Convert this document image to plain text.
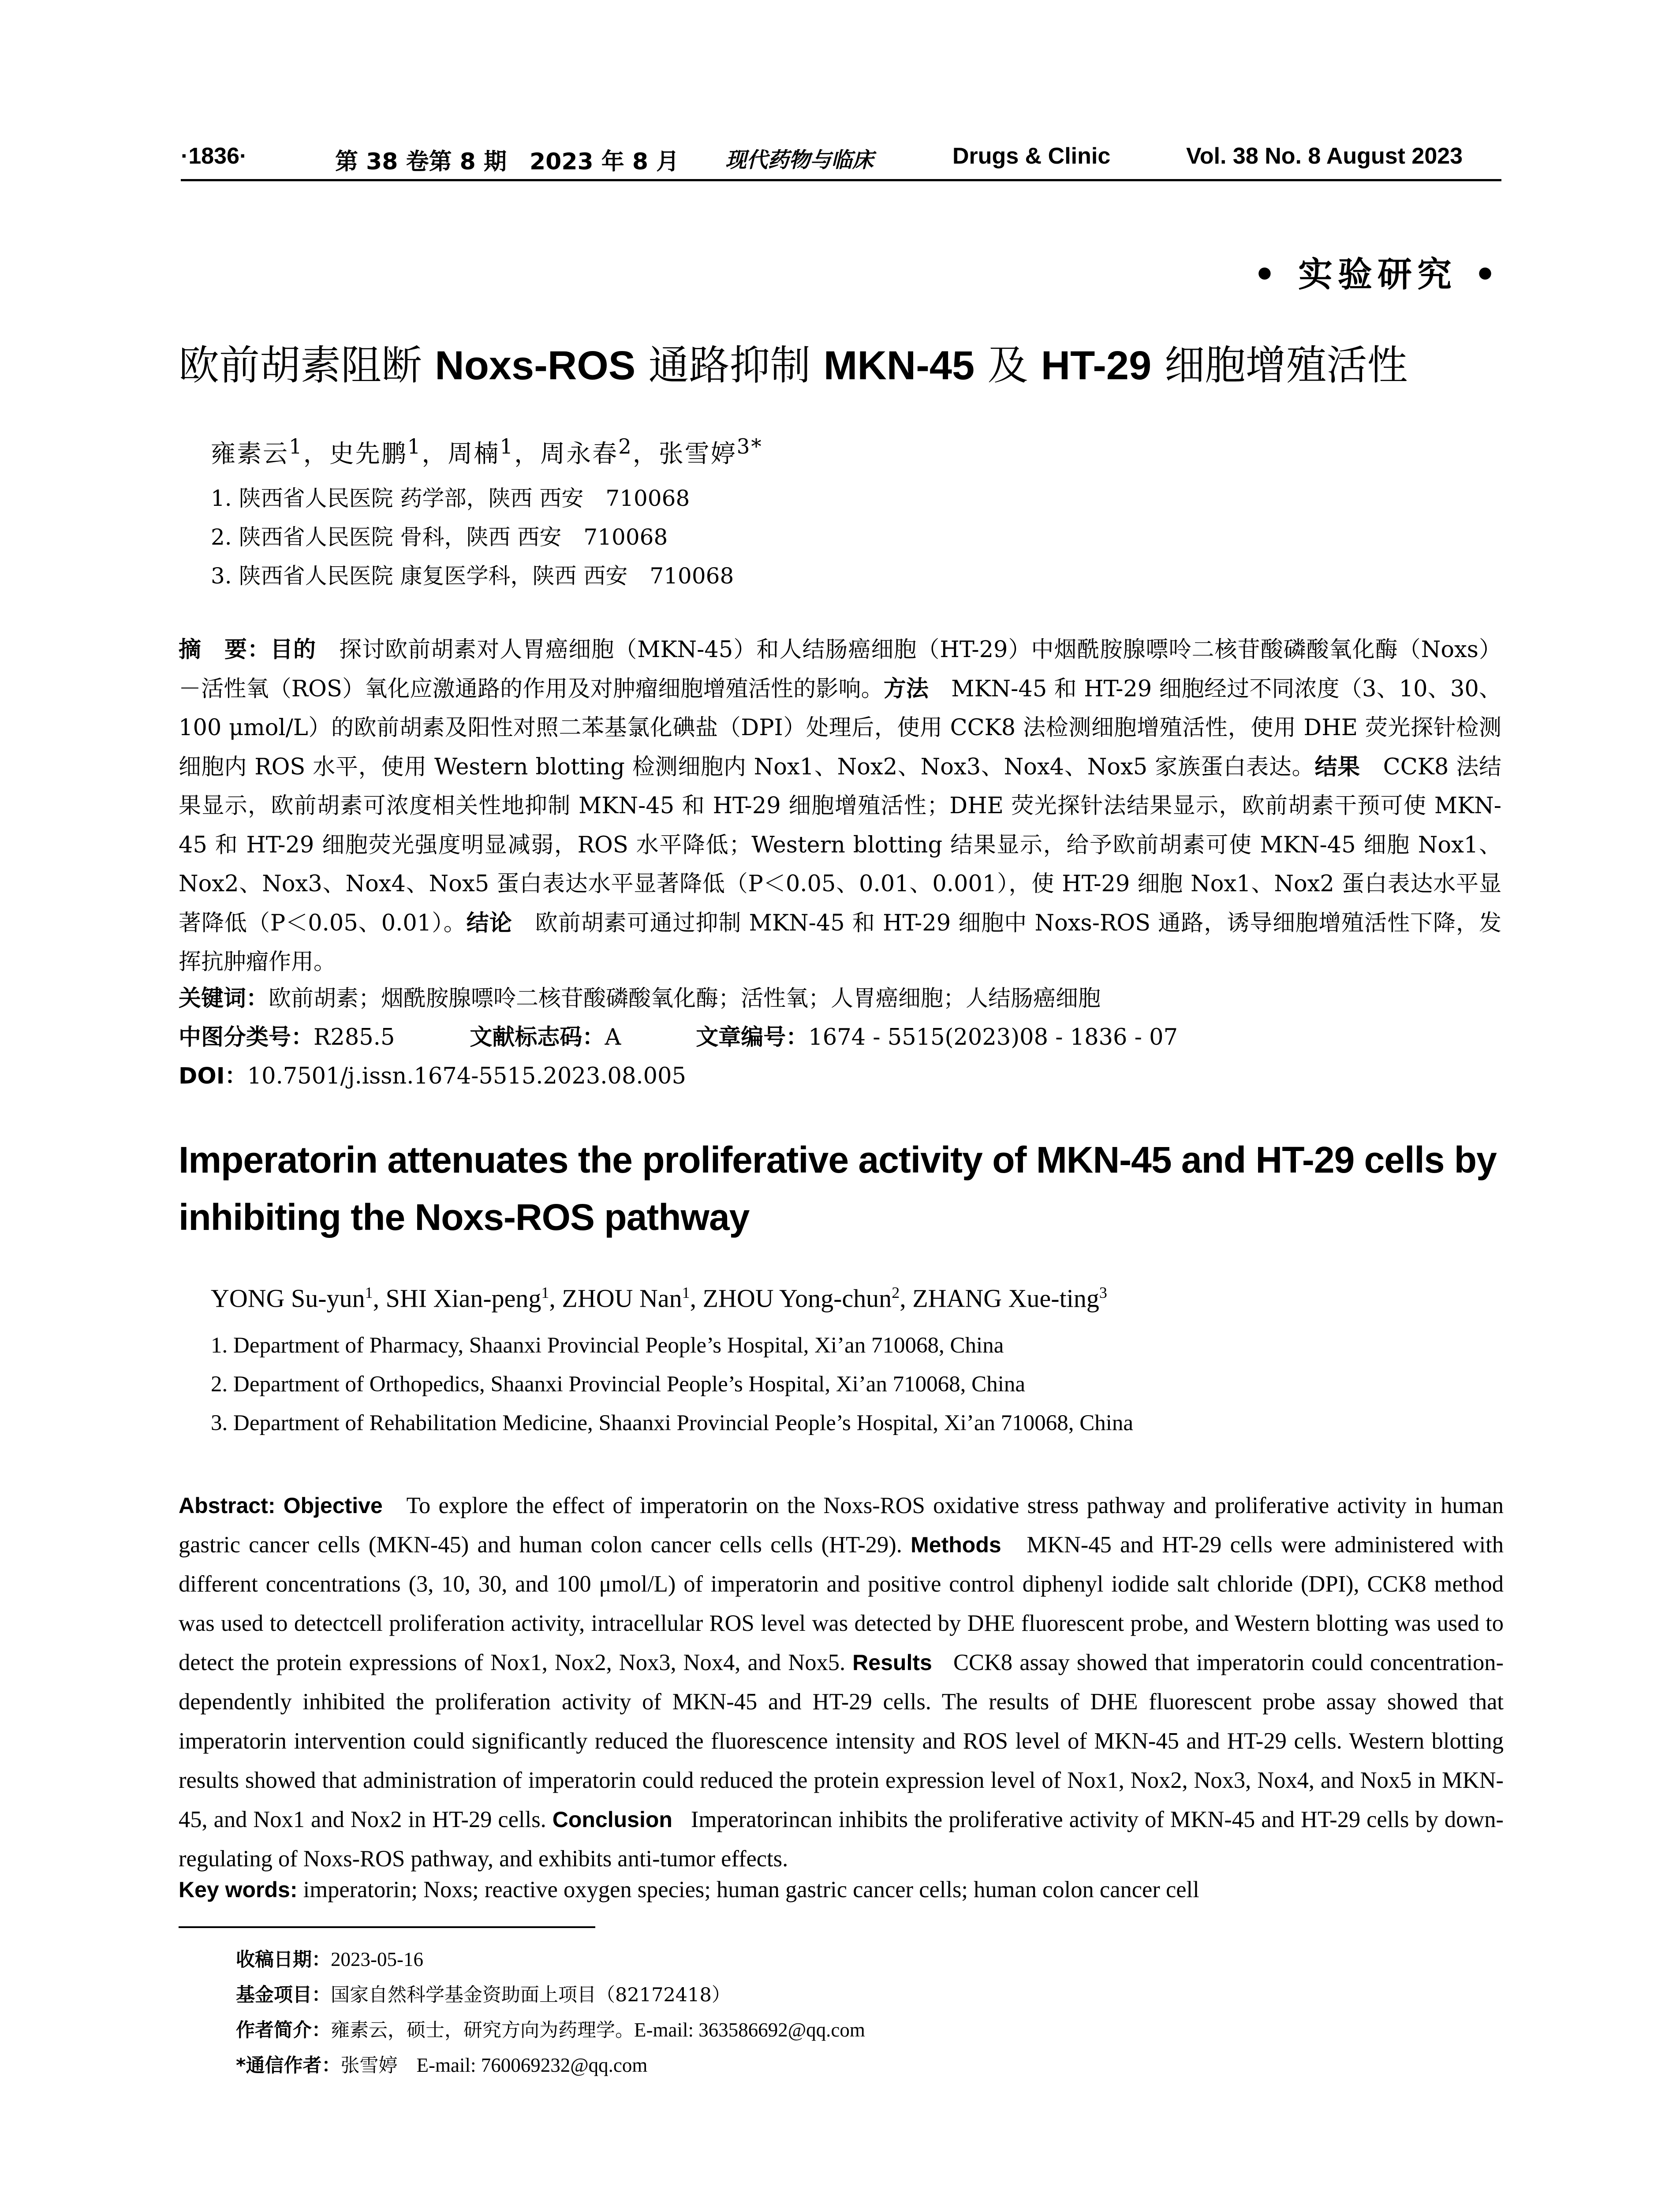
·1836·	第 38 卷第 8 期　2023 年 8 月 现代药物与临床	Drugs & Clinic	Vol. 38 No. 8 August 2023
• 实验研究 •
欧前胡素阻断 Noxs-ROS 通路抑制 MKN-45 及 HT-29 细胞增殖活性
雍素云$^1$，史先鹏$^1$，周楠$^1$，周永春$^2$，张雪婷$^{3*}$
1. 陕西省人民医院 药学部，陕西 西安　710068
2. 陕西省人民医院 骨科，陕西 西安　710068
3. 陕西省人民医院 康复医学科，陕西 西安　710068
摘　要：目的　探讨欧前胡素对人胃癌细胞（MKN-45）和人结肠癌细胞（HT-29）中烟酰胺腺嘌呤二核苷酸磷酸氧化酶（Noxs）－活性氧（ROS）氧化应激通路的作用及对肿瘤细胞增殖活性的影响。方法　MKN-45 和 HT-29 细胞经过不同浓度（3、10、30、100 μmol/L）的欧前胡素及阳性对照二苯基氯化碘盐（DPI）处理后，使用 CCK8 法检测细胞增殖活性，使用 DHE 荧光探针检测细胞内 ROS 水平，使用 Western blotting 检测细胞内 Nox1、Nox2、Nox3、Nox4、Nox5 家族蛋白表达。结果　CCK8 法结果显示，欧前胡素可浓度相关性地抑制 MKN-45 和 HT-29 细胞增殖活性；DHE 荧光探针法结果显示，欧前胡素干预可使 MKN-45 和 HT-29 细胞荧光强度明显减弱，ROS 水平降低；Western blotting 结果显示，给予欧前胡素可使 MKN-45 细胞 Nox1、Nox2、Nox3、Nox4、Nox5 蛋白表达水平显著降低（P＜0.05、0.01、0.001），使 HT-29 细胞 Nox1、Nox2 蛋白表达水平显著降低（P＜0.05、0.01）。结论　欧前胡素可通过抑制 MKN-45 和 HT-29 细胞中 Noxs-ROS 通路，诱导细胞增殖活性下降，发挥抗肿瘤作用。
关键词：欧前胡素；烟酰胺腺嘌呤二核苷酸磷酸氧化酶；活性氧；人胃癌细胞；人结肠癌细胞
中图分类号：R285.5	文献标志码：A	文章编号：1674 - 5515(2023)08 - 1836 - 07
DOI：10.7501/j.issn.1674-5515.2023.08.005
Imperatorin attenuates the proliferative activity of MKN-45 and HT-29 cells by inhibiting the Noxs-ROS pathway
YONG Su-yun$^1$, SHI Xian-peng$^1$, ZHOU Nan$^1$, ZHOU Yong-chun$^2$, ZHANG Xue-ting$^3$
1. Department of Pharmacy, Shaanxi Provincial People’s Hospital, Xi’an 710068, China
2. Department of Orthopedics, Shaanxi Provincial People’s Hospital, Xi’an 710068, China
3. Department of Rehabilitation Medicine, Shaanxi Provincial People’s Hospital, Xi’an 710068, China
Abstract: Objective To explore the effect of imperatorin on the Noxs-ROS oxidative stress pathway and proliferative activity in human gastric cancer cells (MKN-45) and human colon cancer cells cells (HT-29). Methods MKN-45 and HT-29 cells were administered with different concentrations (3, 10, 30, and 100 μmol/L) of imperatorin and positive control diphenyl iodide salt chloride (DPI), CCK8 method was used to detectcell proliferation activity, intracellular ROS level was detected by DHE fluorescent probe, and Western blotting was used to detect the protein expressions of Nox1, Nox2, Nox3, Nox4, and Nox5. Results CCK8 assay showed that imperatorin could concentration-dependently inhibited the proliferation activity of MKN-45 and HT-29 cells. The results of DHE fluorescent probe assay showed that imperatorin intervention could significantly reduced the fluorescence intensity and ROS level of MKN-45 and HT-29 cells. Western blotting results showed that administration of imperatorin could reduced the protein expression level of Nox1, Nox2, Nox3, Nox4, and Nox5 in MKN-45, and Nox1 and Nox2 in HT-29 cells. Conclusion Imperatorincan inhibits the proliferative activity of MKN-45 and HT-29 cells by down-regulating of Noxs-ROS pathway, and exhibits anti-tumor effects.
Key words: imperatorin; Noxs; reactive oxygen species; human gastric cancer cells; human colon cancer cell
收稿日期：2023-05-16
基金项目：国家自然科学基金资助面上项目（82172418）
作者简介：雍素云，硕士，研究方向为药理学。E-mail: 363586692@qq.com
*通信作者：张雪婷　E-mail: 760069232@qq.com
